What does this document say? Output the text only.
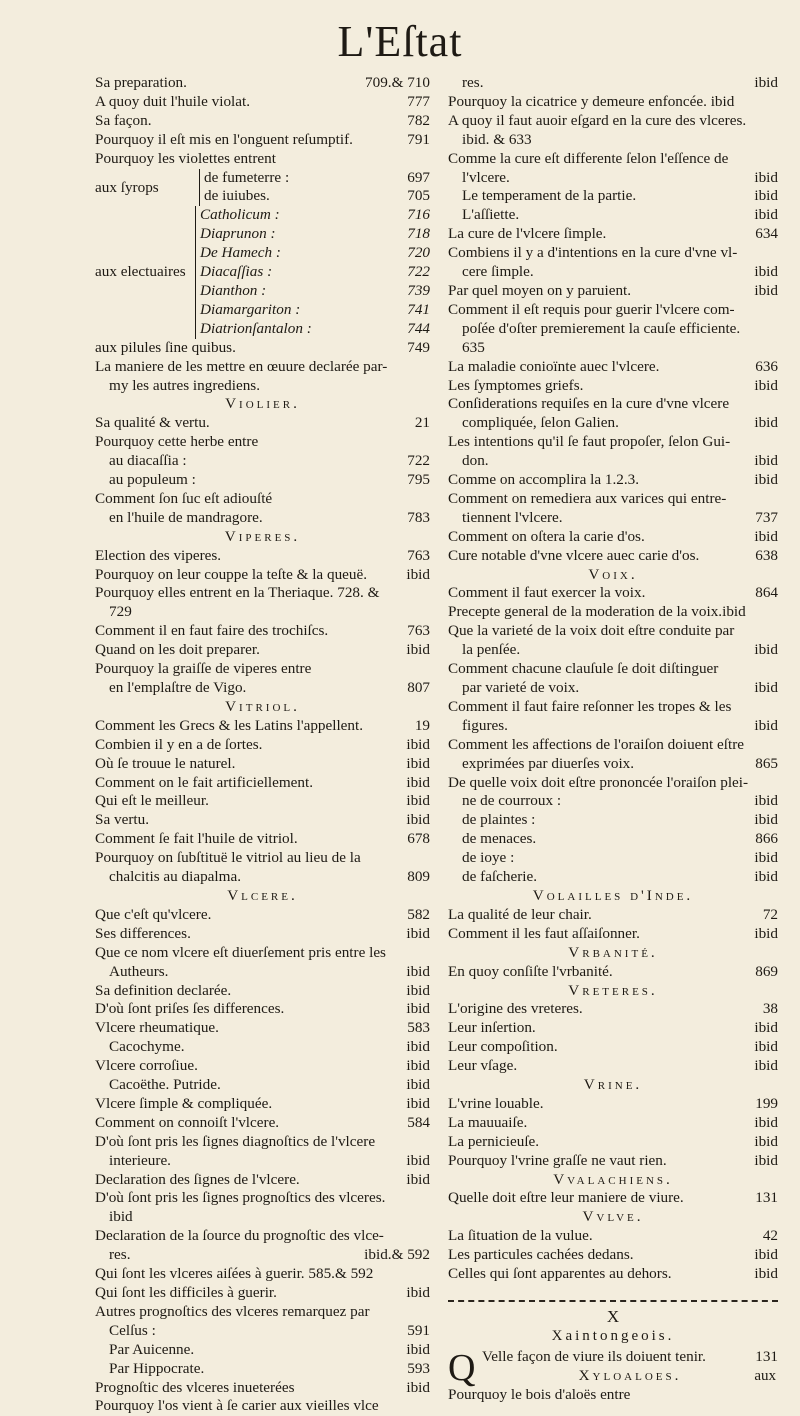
L'Eſtat
Sa preparation.	709.& 710
A quoy duit l'huile violat.	777
Sa façon.	782
Pourquoy il eſt mis en l'onguent reſumptif.	791
Pourquoy les violettes entrent
aux ſyrops
de fumeterre :	697
de iuiubes.	705
aux electuaires
Catholicum :	716
Diaprunon :	718
De Hamech :	720
Diacaſſias :	722
Dianthon :	739
Diamargariton :	741
Diatrionſantalon :	744
aux pilules ſine quibus.	749
La maniere de les mettre en œuure declarée par-
my les autres ingrediens.
Violier.
Sa qualité & vertu.	21
Pourquoy cette herbe entre
au diacaſſia :	722
au populeum :	795
Comment ſon ſuc eſt adiouſté
en l'huile de mandragore.	783
Viperes.
Election des viperes.	763
Pourquoy on leur couppe la teſte & la queuë.	ibid
Pourquoy elles entrent en la Theriaque. 728. &
729
Comment il en faut faire des trochiſcs.	763
Quand on les doit preparer.	ibid
Pourquoy la graiſſe de viperes entre
en l'emplaſtre de Vigo.	807
Vitriol.
Comment les Grecs & les Latins l'appellent.	19
Combien il y en a de ſortes.	ibid
Où ſe trouue le naturel.	ibid
Comment on le fait artificiellement.	ibid
Qui eſt le meilleur.	ibid
Sa vertu.	ibid
Comment ſe fait l'huile de vitriol.	678
Pourquoy on ſubſtituë le vitriol au lieu de la
chalcitis au diapalma.	809
Vlcere.
Que c'eſt qu'vlcere.	582
Ses differences.	ibid
Que ce nom vlcere eſt diuerſement pris entre les
Autheurs.	ibid
Sa definition declarée.	ibid
D'où ſont priſes ſes differences.	ibid
Vlcere rheumatique.	583
Cacochyme.	ibid
Vlcere corroſiue.	ibid
Cacoëthe. Putride.	ibid
Vlcere ſimple & compliquée.	ibid
Comment on connoiſt l'vlcere.	584
D'où ſont pris les ſignes diagnoſtics de l'vlcere
interieure.	ibid
Declaration des ſignes de l'vlcere.	ibid
D'où ſont pris les ſignes prognoſtics des vlceres.
ibid
Declaration de la ſource du prognoſtic des vlce-
res.	ibid.& 592
Qui ſont les vlceres aiſées à guerir. 585.& 592
Qui ſont les difficiles à guerir.	ibid
Autres prognoſtics des vlceres remarquez par
Celſus :	591
Par Auicenne.	ibid
Par Hippocrate.	593
Prognoſtic des vlceres inueterées	ibid
Pourquoy l'os vient à ſe carier aux vieilles vlce
res.	ibid
Pourquoy la cicatrice y demeure enfoncée. ibid
A quoy il faut auoir eſgard en la cure des vlceres.
ibid. & 633
Comme la cure eſt differente ſelon l'eſſence de
l'vlcere.	ibid
Le temperament de la partie.	ibid
L'aſſiette.	ibid
La cure de l'vlcere ſimple.	634
Combiens il y a d'intentions en la cure d'vne vl-
cere ſimple.	ibid
Par quel moyen on y paruient.	ibid
Comment il eſt requis pour guerir l'vlcere com-
poſée d'oſter premierement la cauſe efficiente.
635
La maladie conioïnte auec l'vlcere.	636
Les ſymptomes griefs.	ibid
Conſiderations requiſes en la cure d'vne vlcere
compliquée, ſelon Galien.	ibid
Les intentions qu'il ſe faut propoſer, ſelon Gui-
don.	ibid
Comme on accomplira la 1.2.3.	ibid
Comment on remediera aux varices qui entre-
tiennent l'vlcere.	737
Comment on oſtera la carie d'os.	ibid
Cure notable d'vne vlcere auec carie d'os.	638
Voix.
Comment il faut exercer la voix.	864
Precepte general de la moderation de la voix.ibid
Que la varieté de la voix doit eſtre conduite par
la penſée.	ibid
Comment chacune clauſule ſe doit diſtinguer
par varieté de voix.	ibid
Comment il faut faire reſonner les tropes & les
figures.	ibid
Comment les affections de l'oraiſon doiuent eſtre
exprimées par diuerſes voix.	865
De quelle voix doit eſtre prononcée l'oraiſon plei-
ne de courroux :	ibid
de plaintes :	ibid
de menaces.	866
de ioye :	ibid
de faſcherie.	ibid
Volailles d'Inde.
La qualité de leur chair.	72
Comment il les faut aſſaiſonner.	ibid
Vrbanité.
En quoy conſiſte l'vrbanité.	869
Vreteres.
L'origine des vreteres.	38
Leur inſertion.	ibid
Leur compoſition.	ibid
Leur vſage.	ibid
Vrine.
L'vrine louable.	199
La mauuaiſe.	ibid
La pernicieuſe.	ibid
Pourquoy l'vrine graſſe ne vaut rien.	ibid
Vvalachiens.
Quelle doit eſtre leur maniere de viure.	131
Vvlve.
La ſituation de la vulue.	42
Les particules cachées dedans.	ibid
Celles qui ſont apparentes au dehors.	ibid
X
Xaintongeois.
Q Velle façon de viure ils doiuent tenir.	131
Xyloaloes.
Pourquoy le bois d'aloës entre
aux
